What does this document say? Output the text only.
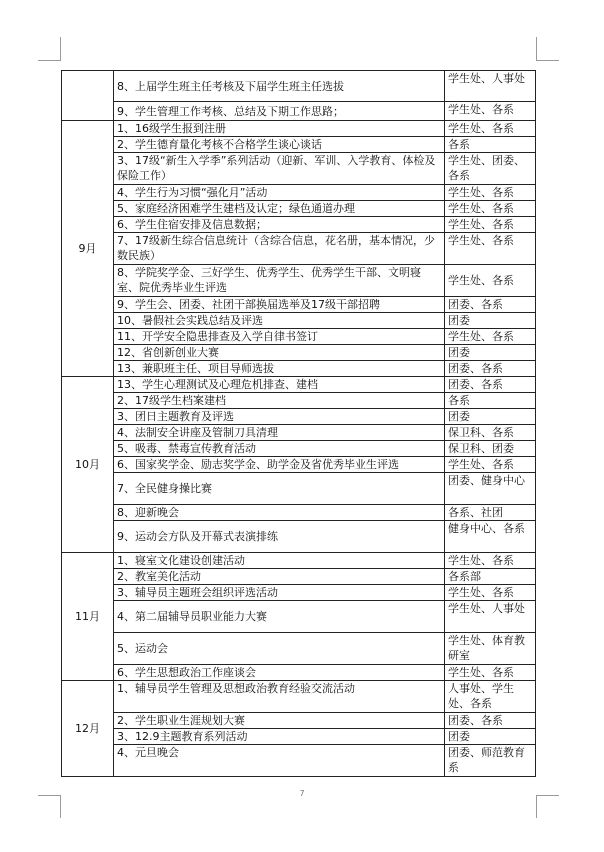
	8、上届学生班主任考核及下届学生班主任选拔	学生处、人事处
	9、学生管理工作考核、总结及下期工作思路；	学生处、各系
9月	1、16级学生报到注册	学生处、各系
	2、学生德育量化考核不合格学生谈心谈话	各系
	3、17级“新生入学季”系列活动（迎新、军训、入学教育、体检及保险工作）	学生处、团委、各系
	4、学生行为习惯“强化月”活动	学生处、各系
	5、家庭经济困难学生建档及认定；绿色通道办理	学生处、各系
	6、学生住宿安排及信息数据；	学生处、各系
	7、17级新生综合信息统计（含综合信息，花名册，基本情况，少数民族）	学生处、各系
	8、学院奖学金、三好学生、优秀学生、优秀学生干部、文明寝室、院优秀毕业生评选	学生处、各系
	9、学生会、团委、社团干部换届选举及17级干部招聘	团委、各系
	10、暑假社会实践总结及评选	团委
	11、开学安全隐患排查及入学自律书签订	学生处、各系
	12、省创新创业大赛	团委
	13、兼职班主任、项目导师选拔	团委、各系
10月	13、学生心理测试及心理危机排查、建档	团委、各系
	2、17级学生档案建档	各系
	3、团日主题教育及评选	团委
	4、法制安全讲座及管制刀具清理	保卫科、各系
	5、吸毒、禁毒宣传教育活动	保卫科、团委
	6、国家奖学金、励志奖学金、助学金及省优秀毕业生评选	学生处、各系
	7、全民健身操比赛	团委、健身中心
	8、迎新晚会	各系、社团
	9、运动会方队及开幕式表演排练	健身中心、各系
11月	1、寝室文化建设创建活动	学生处、各系
	2、教室美化活动	各系部
	3、辅导员主题班会组织评选活动	学生处、各系
	4、第二届辅导员职业能力大赛	学生处、人事处
	5、运动会	学生处、体育教研室
	6、学生思想政治工作座谈会	学生处、各系
12月	1、辅导员学生管理及思想政治教育经验交流活动	人事处、学生处、各系
	2、学生职业生涯规划大赛	团委、各系
	3、12.9主题教育系列活动	团委
	4、元旦晚会	团委、师范教育系
7
